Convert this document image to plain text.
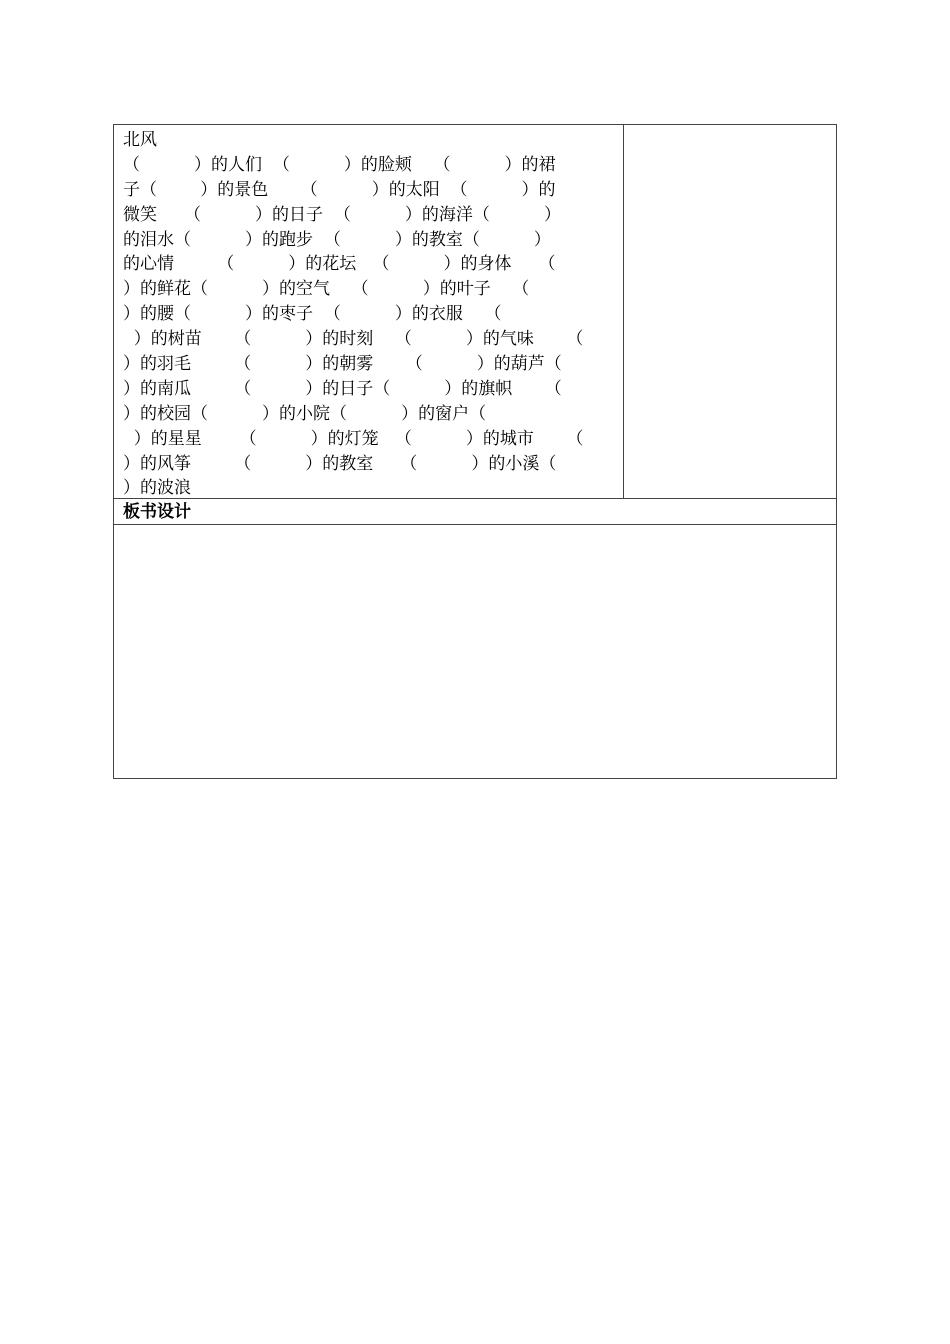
北风
（          ）的人们  （          ）的脸颊    （          ）的裙
子（        ）的景色      （          ）的太阳  （          ）的
微笑     （          ）的日子  （          ）的海洋（          ）
的泪水（          ）的跑步  （          ）的教室（          ）
的心情        （          ）的花坛   （          ）的身体     （
）的鲜花（          ）的空气    （          ）的叶子    （
）的腰（          ）的枣子  （          ）的衣服    （
）的树苗      （          ）的时刻    （          ）的气味      （
）的羽毛        （          ）的朝雾      （          ）的葫芦（
）的南瓜        （          ）的日子（          ）的旗帜      （
）的校园（          ）的小院（          ）的窗户（
）的星星       （          ）的灯笼   （          ）的城市      （
）的风筝        （          ）的教室     （          ）的小溪（
）的波浪
板书设计
